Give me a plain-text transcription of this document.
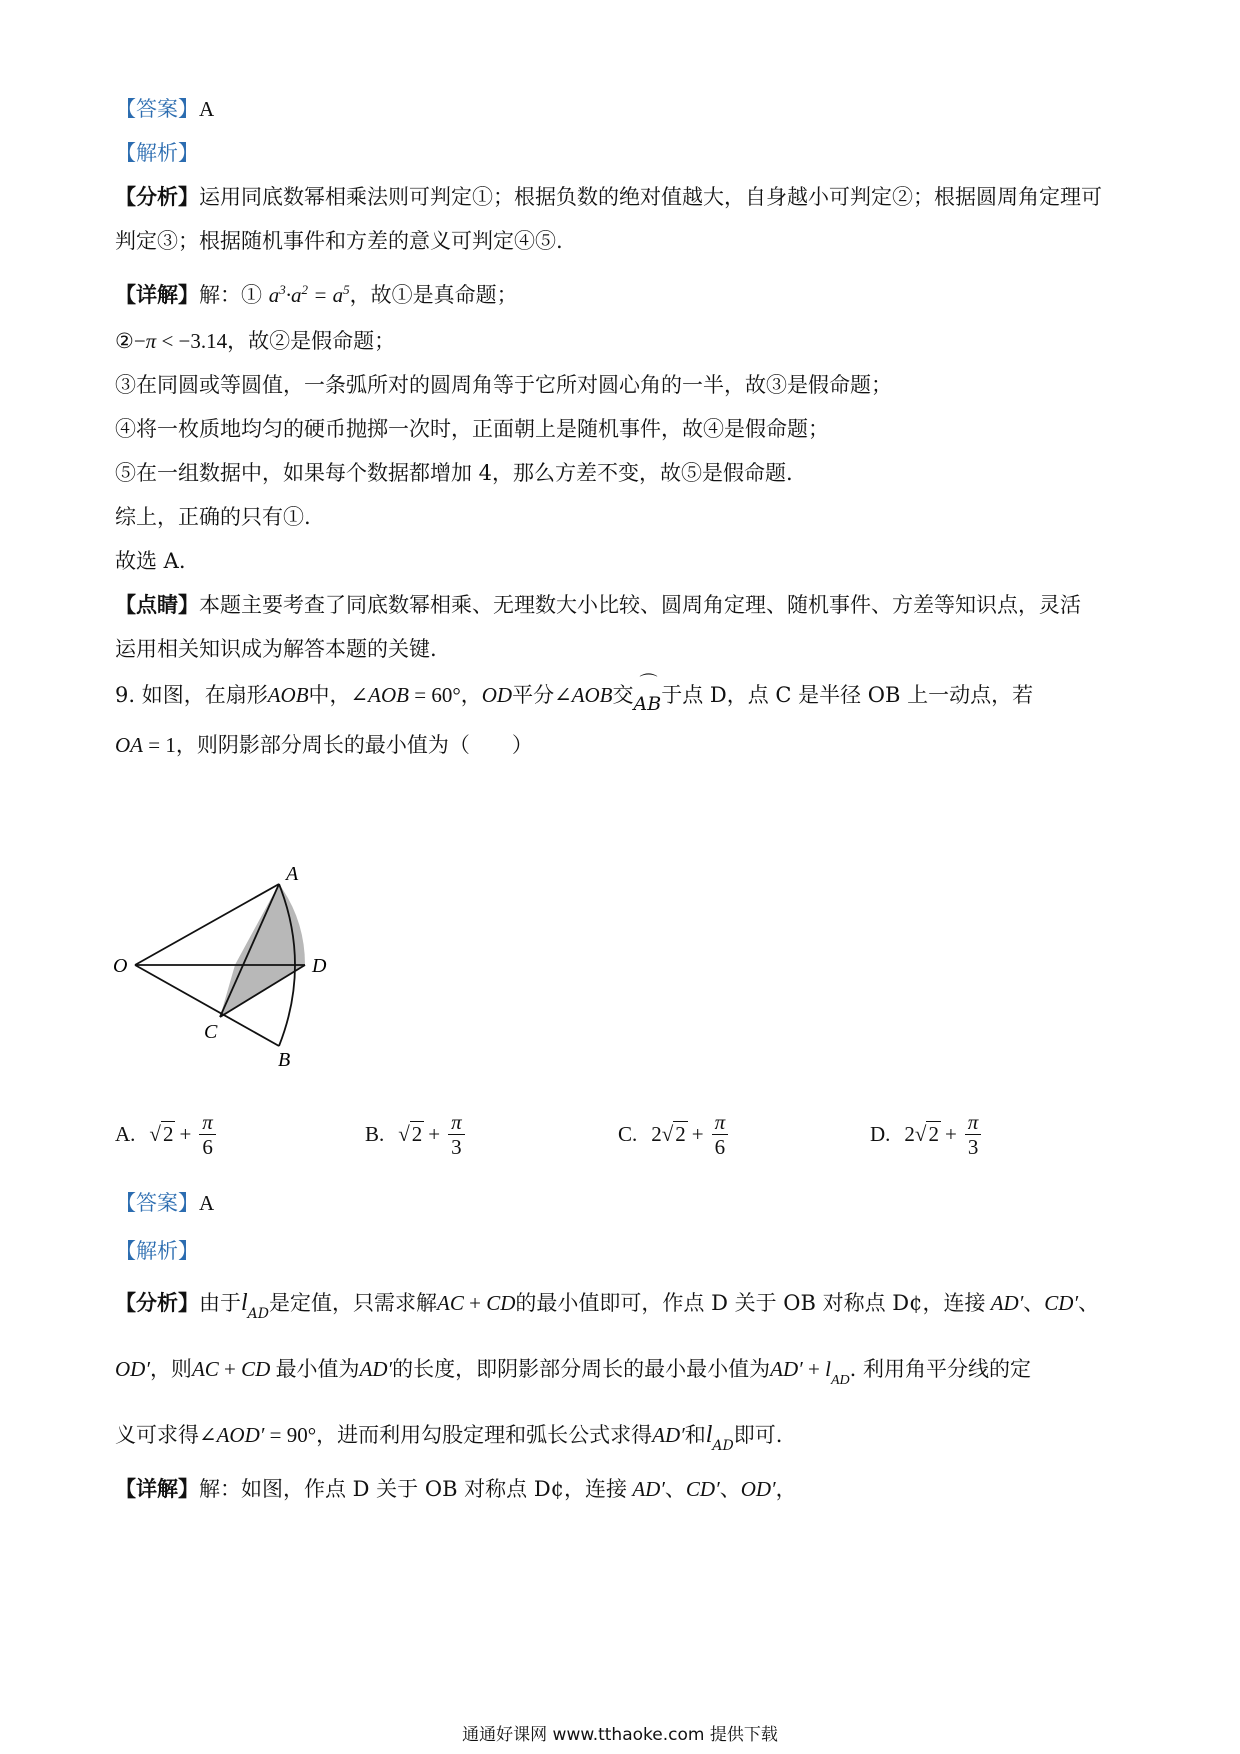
【答案】A
【解析】
【分析】运用同底数幂相乘法则可判定①；根据负数的绝对值越大，自身越小可判定②；根据圆周角定理可
判定③；根据随机事件和方差的意义可判定④⑤.
【详解】解：① $a^3\cdot a^2 = a^5$，故①是真命题；
②−π < −3.14，故②是假命题；
③在同圆或等圆值，一条弧所对的圆周角等于它所对圆心角的一半，故③是假命题；
④将一枚质地均匀的硬币抛掷一次时，正面朝上是随机事件，故④是假命题；
⑤在一组数据中，如果每个数据都增加 4，那么方差不变，故⑤是假命题.
综上，正确的只有①.
故选 A.
【点睛】本题主要考查了同底数幂相乘、无理数大小比较、圆周角定理、随机事件、方差等知识点，灵活
运用相关知识成为解答本题的关键.
9. 如图，在扇形AOB中，∠AOB = 60°，OD平分∠AOB交⌒ AB于点 D，点 C 是半径 OB 上一动点，若
OA = 1，则阴影部分周长的最小值为（　　）
A
O	D
C
B
A. $√2 + \frac{\pi}{6}$	B. $√2 + \frac{\pi}{3}$	C. $2√2 + \frac{\pi}{6}$	D. $2√2 + \frac{\pi}{3}$
【答案】A
【解析】
【分析】由于$l_{AD}$是定值，只需求解AC + CD的最小值即可，作点 D 关于 OB 对称点 D¢，连接 AD′、CD′、
OD′，则AC + CD 最小值为AD′的长度，即阴影部分周长的最小最小值为$AD' + l_{AD}$. 利用角平分线的定
义可求得∠AOD′ = 90°，进而利用勾股定理和弧长公式求得AD′和$l_{AD}$即可.
【详解】解：如图，作点 D 关于 OB 对称点 D¢，连接 AD′、CD′、OD′，
通通好课网 www.tthaoke.com 提供下载
